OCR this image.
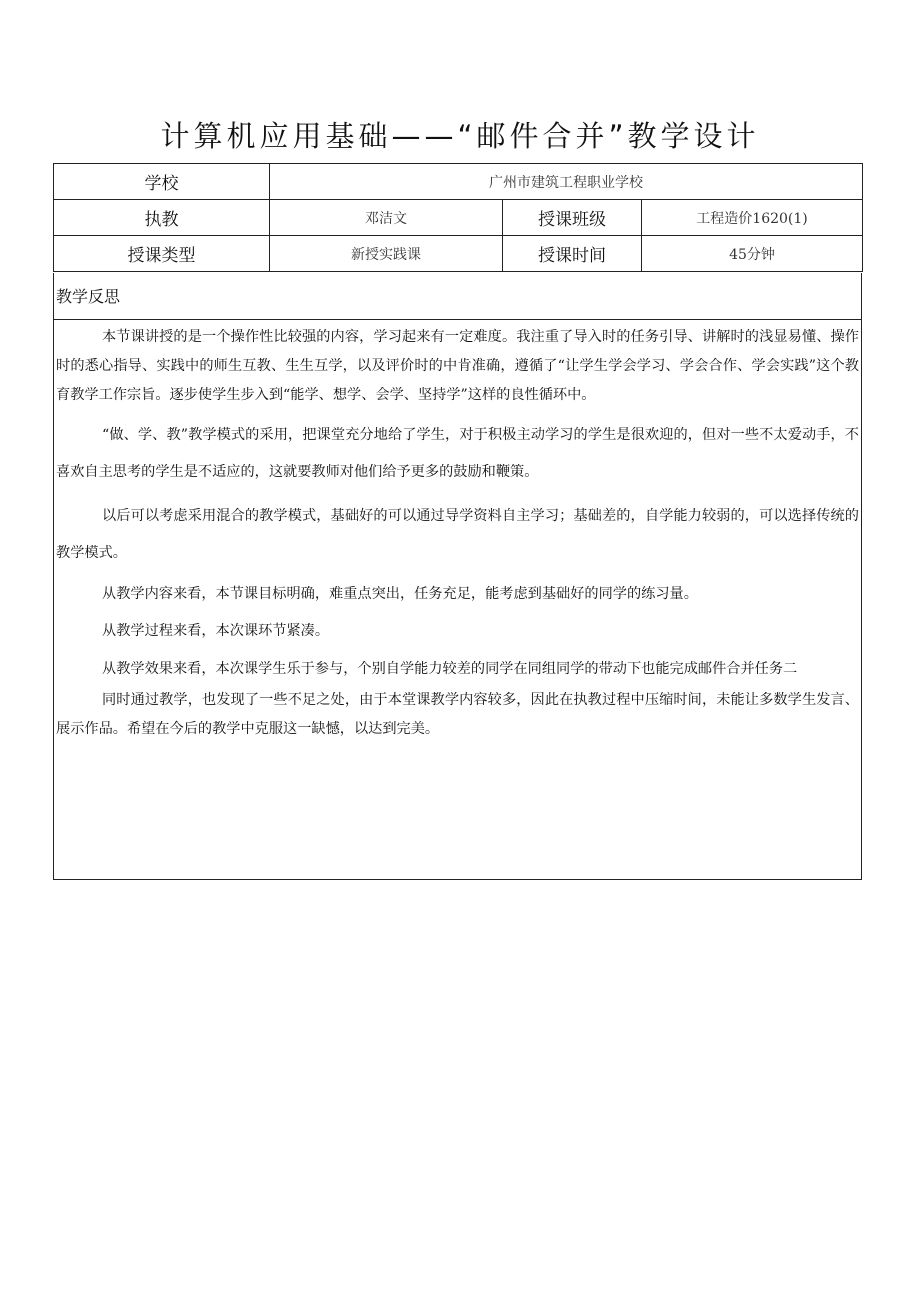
计算机应用基础——“邮件合并”教学设计
学校	广州市建筑工程职业学校		
执教	邓洁文	授课班级	工程造价1620(1)
授课类型	新授实践课	授课时间	45分钟
教学反思

本节课讲授的是一个操作性比较强的内容，学习起来有一定难度。我注重了导入时的任务引导、讲解时的浅显易懂、操作时的悉心指导、实践中的师生互教、生生互学，以及评价时的中肯准确，遵循了“让学生学会学习、学会合作、学会实践”这个教育教学工作宗旨。逐步使学生步入到“能学、想学、会学、坚持学”这样的良性循环中。

“做、学、教”教学模式的采用，把课堂充分地给了学生，对于积极主动学习的学生是很欢迎的，但对一些不太爱动手，不喜欢自主思考的学生是不适应的，这就要教师对他们给予更多的鼓励和鞭策。

以后可以考虑采用混合的教学模式，基础好的可以通过导学资料自主学习；基础差的，自学能力较弱的，可以选择传统的教学模式。

从教学内容来看，本节课目标明确，难重点突出，任务充足，能考虑到基础好的同学的练习量。

从教学过程来看，本次课环节紧凑。

从教学效果来看，本次课学生乐于参与，个别自学能力较差的同学在同组同学的带动下也能完成邮件合并任务二

同时通过教学，也发现了一些不足之处，由于本堂课教学内容较多，因此在执教过程中压缩时间，未能让多数学生发言、展示作品。希望在今后的教学中克服这一缺憾，以达到完美。
